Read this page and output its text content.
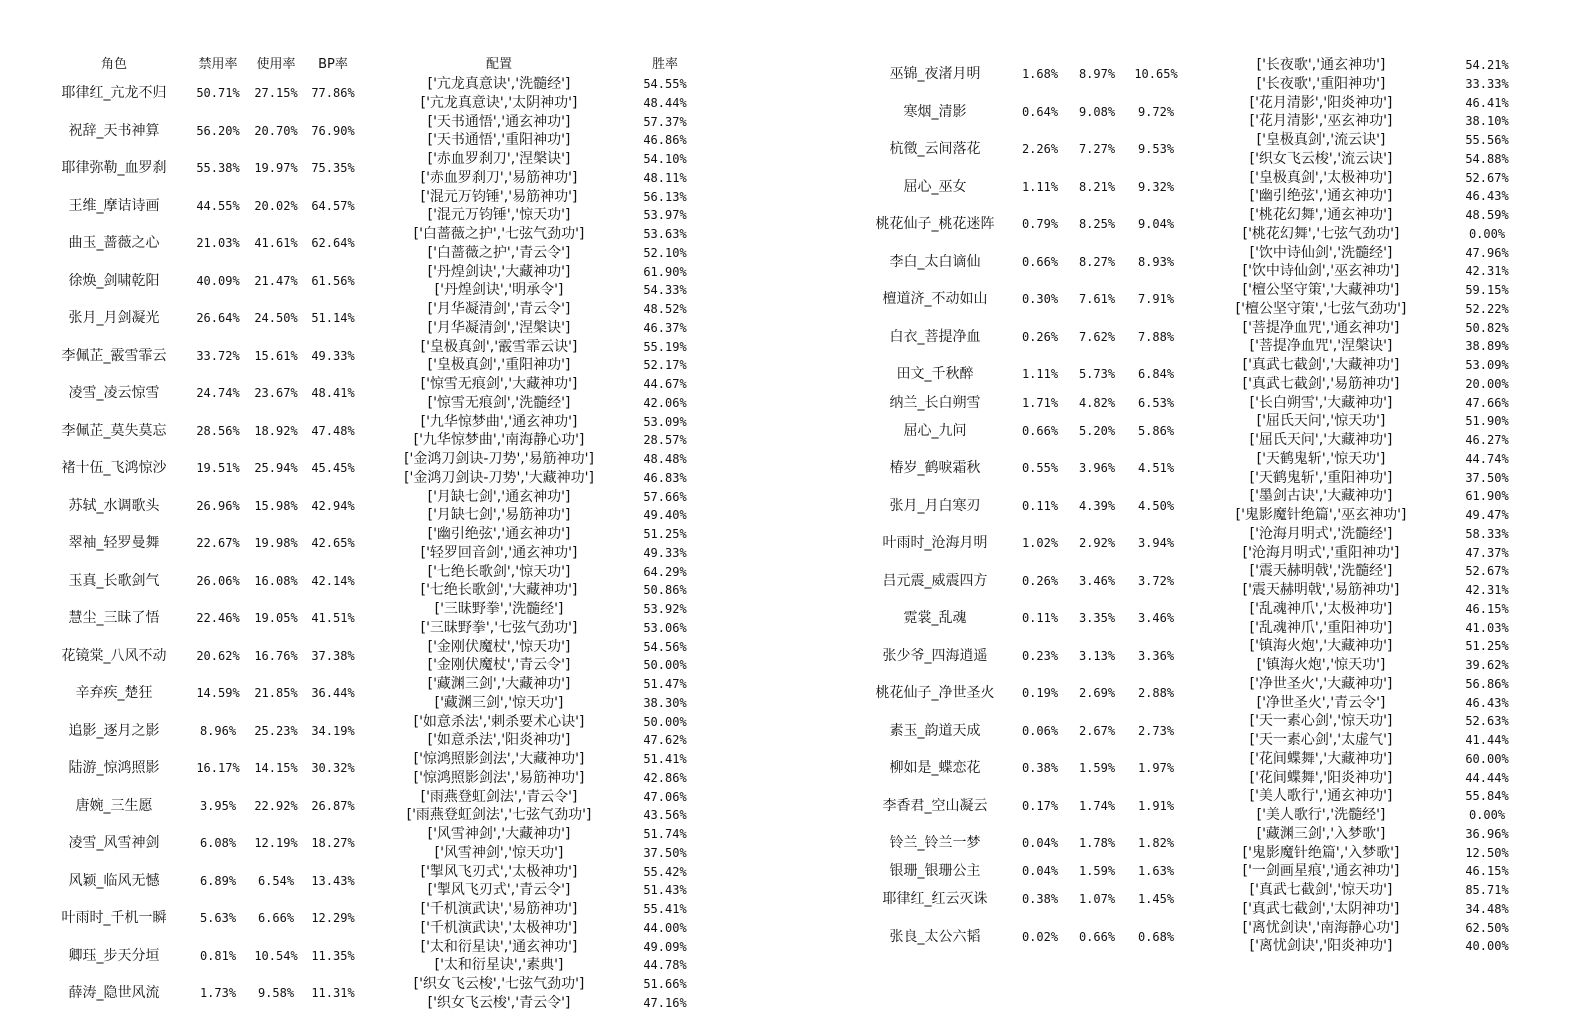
角色	禁用率 使用率 BP率	配置	胜率
耶律红_亢龙不归 50.71% 27.15% 77.86%
['亢龙真意诀','洗髓经']	54.55%
['亢龙真意诀','太阴神功']	48.44%
祝辞_天书神算	56.20% 20.70% 76.90%
['天书通悟','通玄神功']	57.37%
['天书通悟','重阳神功']	46.86%
耶律弥勒_血罗刹 55.38% 19.97% 75.35%
['赤血罗刹刀','涅槃诀']	54.10%
['赤血罗刹刀','易筋神功']	48.11%
王维_摩诘诗画	44.55% 20.02% 64.57%
['混元万钧锤','易筋神功']	56.13%
['混元万钧锤','惊天功']	53.97%
曲玉_蔷薇之心	21.03% 41.61% 62.64%
['白蔷薇之护','七弦气劲功']	53.63%
['白蔷薇之护','青云令']	52.10%
徐焕_剑啸乾阳	40.09% 21.47% 61.56%
['丹煌剑诀','大藏神功']	61.90%
['丹煌剑诀','明承令']	54.33%
张月_月剑凝光	26.64% 24.50% 51.14%
['月华凝清剑','青云令']	48.52%
['月华凝清剑','涅槃诀']	46.37%
李佩芷_霰雪霏云 33.72% 15.61% 49.33%
['皇极真剑','霰雪霏云诀']	55.19%
['皇极真剑','重阳神功']	52.17%
凌雪_凌云惊雪	24.74% 23.67% 48.41%
['惊雪无痕剑','大藏神功']	44.67%
['惊雪无痕剑','洗髓经']	42.06%
李佩芷_莫失莫忘 28.56% 18.92% 47.48%
['九华惊梦曲','通玄神功']	53.09%
['九华惊梦曲','南海静心功']	28.57%
褚十伍_飞鸿惊沙 19.51% 25.94% 45.45%
['金鸿刀剑诀-刀势','易筋神功']	48.48%
['金鸿刀剑诀-刀势','大藏神功']	46.83%
苏轼_水调歌头	26.96% 15.98% 42.94%
['月缺七剑','通玄神功']	57.66%
['月缺七剑','易筋神功']	49.40%
翠袖_轻罗曼舞	22.67% 19.98% 42.65%
['幽引绝弦','通玄神功']	51.25%
['轻罗回音剑','通玄神功']	49.33%
玉真_长歌剑气	26.06% 16.08% 42.14%
['七绝长歌剑','惊天功']	64.29%
['七绝长歌剑','大藏神功']	50.86%
慧尘_三昧了悟	22.46% 19.05% 41.51%
['三昧野拳','洗髓经']	53.92%
['三昧野拳','七弦气劲功']	53.06%
花镜棠_八风不动 20.62% 16.76% 37.38%
['金刚伏魔杖','惊天功']	54.56%
['金刚伏魔杖','青云令']	50.00%
辛弃疾_楚狂	14.59% 21.85% 36.44%
['藏渊三剑','大藏神功']	51.47%
['藏渊三剑','惊天功']	38.30%
追影_逐月之影	8.96% 25.23% 34.19%
['如意杀法','刺杀要术心诀']	50.00%
['如意杀法','阳炎神功']	47.62%
陆游_惊鸿照影	16.17% 14.15% 30.32%
['惊鸿照影剑法','大藏神功']	51.41%
['惊鸿照影剑法','易筋神功']	42.86%
唐婉_三生愿	3.95% 22.92% 26.87%
['雨燕登虹剑法','青云令']	47.06%
['雨燕登虹剑法','七弦气劲功']	43.56%
凌雪_风雪神剑	6.08% 12.19% 18.27%
['风雪神剑','大藏神功']	51.74%
['风雪神剑','惊天功']	37.50%
风颖_临风无憾	6.89% 6.54% 13.43%
['掣风飞刃式','太极神功']	55.42%
['掣风飞刃式','青云令']	51.43%
叶雨时_千机一瞬	5.63% 6.66% 12.29%
['千机演武诀','易筋神功']	55.41%
['千机演武诀','太极神功']	44.00%
卿珏_步天分垣	0.81% 10.54% 11.35%
['太和衍星诀','通玄神功']	49.09%
['太和衍星诀','素典']	44.78%
薛涛_隐世风流	1.73% 9.58% 11.31%
['织女飞云梭','七弦气劲功']	51.66%
['织女飞云梭','青云令']	47.16%
巫锦_夜渚月明	1.68% 8.97% 10.65%
['长夜歌','通玄神功']	54.21%
['长夜歌','重阳神功']	33.33%
寒烟_清影	0.64% 9.08% 9.72%
['花月清影','阳炎神功']	46.41%
['花月清影','巫玄神功']	38.10%
杭徵_云间落花	2.26% 7.27% 9.53%
['皇极真剑','流云诀']	55.56%
['织女飞云梭','流云诀']	54.88%
屈心_巫女	1.11% 8.21% 9.32%
['皇极真剑','太极神功']	52.67%
['幽引绝弦','通玄神功']	46.43%
桃花仙子_桃花迷阵 0.79% 8.25% 9.04%
['桃花幻舞','通玄神功']	48.59%
['桃花幻舞','七弦气劲功']	0.00%
李白_太白谪仙	0.66% 8.27% 8.93%
['饮中诗仙剑','洗髓经']	47.96%
['饮中诗仙剑','巫玄神功']	42.31%
檀道济_不动如山	0.30% 7.61% 7.91%
['檀公坚守策','大藏神功']	59.15%
['檀公坚守策','七弦气劲功']	52.22%
白衣_菩提净血	0.26% 7.62% 7.88%
['菩提净血咒','通玄神功']	50.82%
['菩提净血咒','涅槃诀']	38.89%
田文_千秋醉	1.11% 5.73% 6.84%
['真武七截剑','大藏神功']	53.09%
['真武七截剑','易筋神功']	20.00%
纳兰_长白朔雪	1.71% 4.82% 6.53%	['长白朔雪','大藏神功']	47.66%
屈心_九问	0.66% 5.20% 5.86%
['屈氏天问','惊天功']	51.90%
['屈氏天问','大藏神功']	46.27%
椿岁_鹤唳霜秋	0.55% 3.96% 4.51%
['天鹤鬼斩','惊天功']	44.74%
['天鹤鬼斩','重阳神功']	37.50%
张月_月白寒刃	0.11% 4.39% 4.50%
['墨剑古诀','大藏神功']	61.90%
['鬼影魔针绝篇','巫玄神功']	49.47%
叶雨时_沧海月明	1.02% 2.92% 3.94%
['沧海月明式','洗髓经']	58.33%
['沧海月明式','重阳神功']	47.37%
吕元震_威震四方	0.26% 3.46% 3.72%
['震天赫明戟','洗髓经']	52.67%
['震天赫明戟','易筋神功']	42.31%
霓裳_乱魂	0.11% 3.35% 3.46%
['乱魂神爪','太极神功']	46.15%
['乱魂神爪','重阳神功']	41.03%
张少爷_四海逍遥	0.23% 3.13% 3.36%
['镇海火炮','大藏神功']	51.25%
['镇海火炮','惊天功']	39.62%
桃花仙子_净世圣火 0.19% 2.69% 2.88%
['净世圣火','大藏神功']	56.86%
['净世圣火','青云令']	46.43%
素玉_韵道天成	0.06% 2.67% 2.73%
['天一素心剑','惊天功']	52.63%
['天一素心剑','太虚气']	41.44%
柳如是_蝶恋花	0.38% 1.59% 1.97%
['花间蝶舞','大藏神功']	60.00%
['花间蝶舞','阳炎神功']	44.44%
李香君_空山凝云	0.17% 1.74% 1.91%
['美人歌行','通玄神功']	55.84%
['美人歌行','洗髓经']	0.00%
铃兰_铃兰一梦	0.04% 1.78% 1.82%
['藏渊三剑','入梦歌']	36.96%
['鬼影魔针绝篇','入梦歌']	12.50%
银珊_银珊公主	0.04% 1.59% 1.63%	['一剑画星痕','通玄神功']	46.15%
耶律红_红云灭诛	0.38% 1.07% 1.45%
['真武七截剑','惊天功']	85.71%
['真武七截剑','太阴神功']	34.48%
张良_太公六韬	0.02% 0.66% 0.68%
['离忧剑诀','南海静心功']	62.50%
['离忧剑诀','阳炎神功']	40.00%
